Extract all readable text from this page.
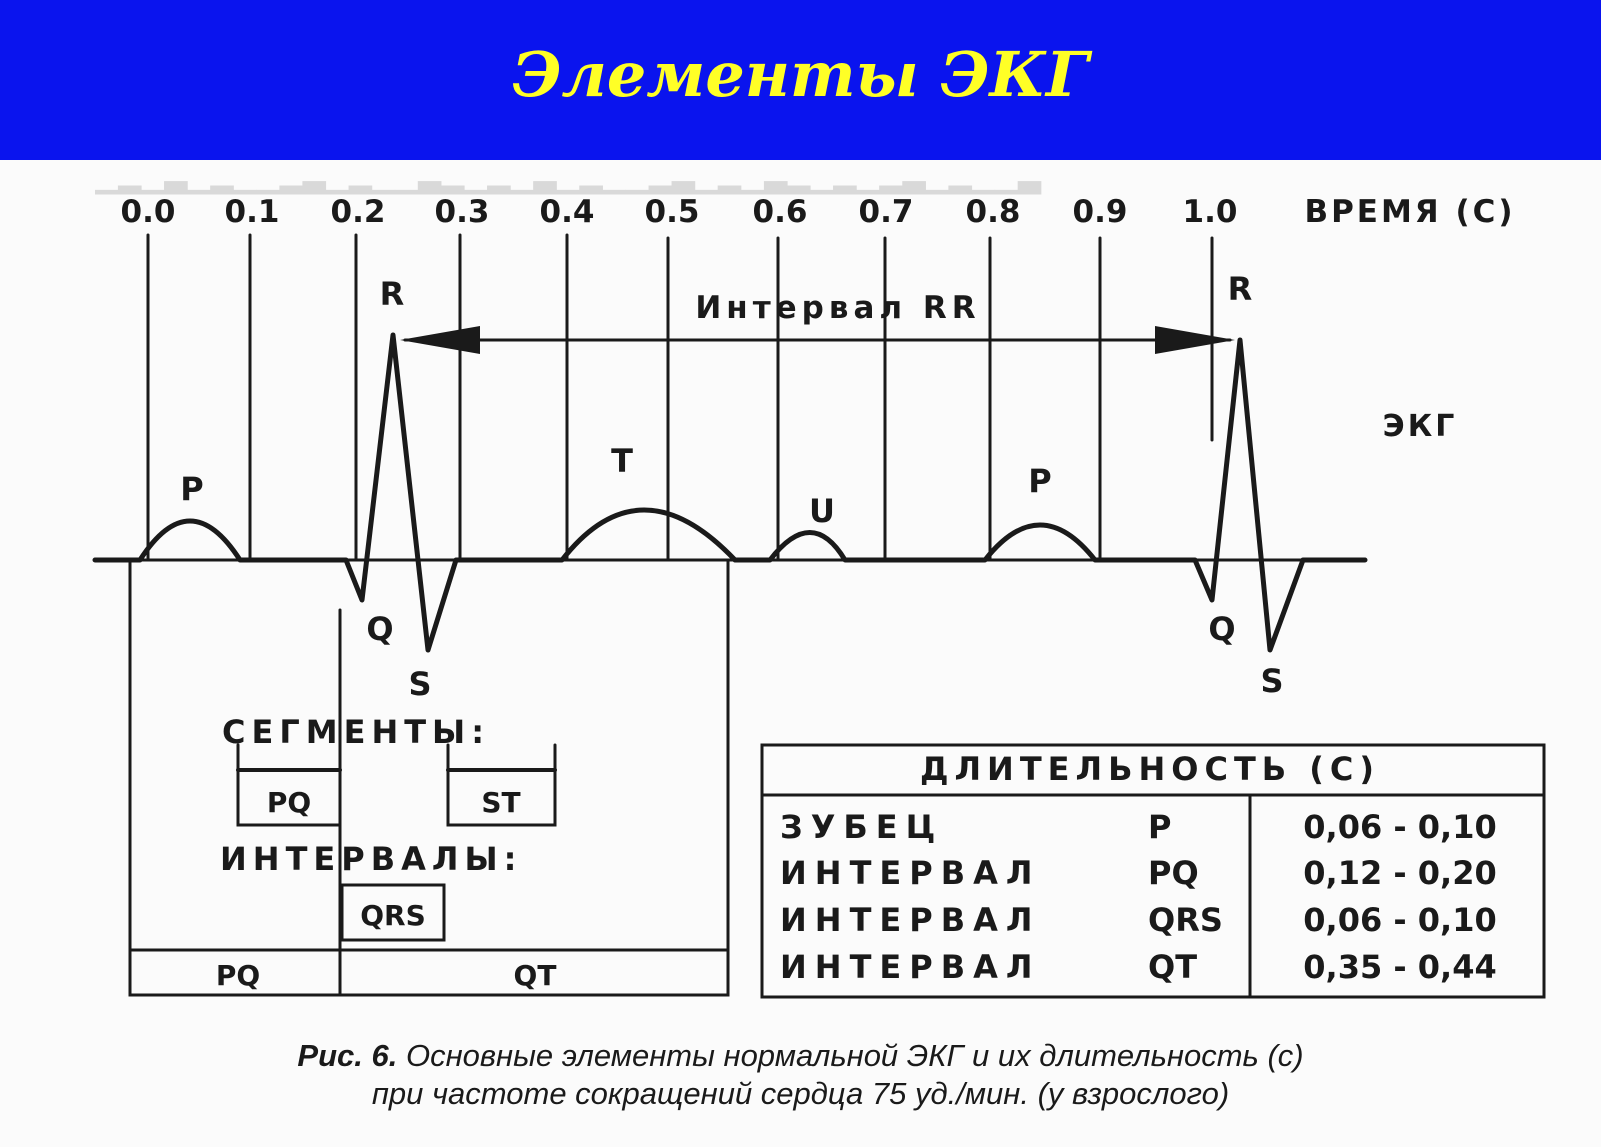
Элементы ЭКГ
▁▂▁▃▁▂▁▁▂▃▁▂▁▁▃▂▁▂▁▃▁▂▁▁▂▃▁▂▁▃▂▁▂▁▂▃▁▂▁▁▃
0.0 0.1 0.2 0.3 0.4 0.5 0.6 0.7 0.8 0.9 1.0 ВРЕМЯ (С)
P
R
Q
S
T
U
P
R
Q
S
Интервал RR
ЭКГ
СЕГМЕНТЫ:
PQ	ST
ИНТЕРВАЛЫ:
QRS
PQ	QT
ДЛИТЕЛЬНОСТЬ (С)
ЗУБЕЦ	P	0,06 - 0,10
ИНТЕРВАЛ	PQ	0,12 - 0,20
ИНТЕРВАЛ	QRS	0,06 - 0,10
ИНТЕРВАЛ	QT	0,35 - 0,44
Рис. 6. Основные элементы нормальной ЭКГ и их длительность (с)
при частоте сокращений сердца 75 уд./мин. (у взрослого)
